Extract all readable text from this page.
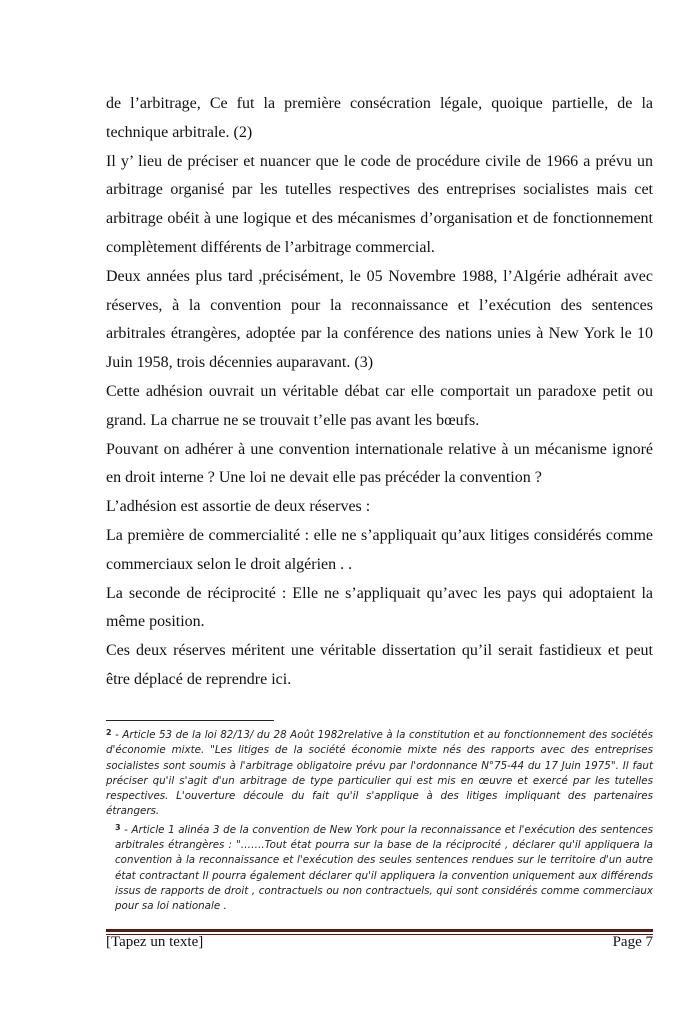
de l’arbitrage, Ce fut la première consécration légale, quoique partielle, de la technique arbitrale. (2)

Il y’ lieu de préciser et nuancer que le code de procédure civile de 1966 a prévu un arbitrage organisé par les tutelles respectives des entreprises socialistes mais cet arbitrage obéit à une logique et des mécanismes d’organisation et de fonctionnement complètement différents de l’arbitrage commercial.

Deux années plus tard ,précisément, le 05 Novembre 1988, l’Algérie adhérait avec réserves, à la convention pour la reconnaissance et l’exécution des sentences arbitrales étrangères, adoptée par la conférence des nations unies à New York le 10 Juin 1958, trois décennies auparavant. (3)

Cette adhésion ouvrait un véritable débat car elle comportait un paradoxe petit ou grand. La charrue ne se trouvait t’elle pas avant les bœufs.

Pouvant on adhérer à une convention internationale relative à un mécanisme ignoré en droit interne ? Une loi ne devait elle pas précéder la convention ?

L’adhésion est assortie de deux réserves :

La première de commercialité : elle ne s’appliquait qu’aux litiges considérés comme commerciaux selon le droit algérien . .

La seconde de réciprocité : Elle ne s’appliquait qu’avec les pays qui adoptaient la même position.

Ces deux réserves méritent une véritable dissertation qu’il serait fastidieux et peut être déplacé de reprendre ici.

$^2$ - Article 53 de la loi 82/13/ du 28 Août 1982relative à la constitution et au fonctionnement des sociétés d'économie mixte. "Les litiges de la société économie mixte nés des rapports avec des entreprises socialistes sont soumis à l'arbitrage obligatoire prévu par l'ordonnance N°75-44 du 17 Juin 1975". Il faut préciser qu'il s'agit d'un arbitrage de type particulier qui est mis en œuvre et exercé par les tutelles respectives. L'ouverture découle du fait qu'il s'applique à des litiges impliquant des partenaires étrangers.

$^3$ - Article 1 alinéa 3 de la convention de New York pour la reconnaissance et l'exécution des sentences arbitrales étrangères : "…….Tout état pourra sur la base de la réciprocité , déclarer qu'il appliquera la convention à la reconnaissance et l'exécution des seules sentences rendues sur le territoire d'un autre état contractant Il pourra également déclarer qu'il appliquera la convention uniquement aux différends issus de rapports de droit , contractuels ou non contractuels, qui sont considérés comme commerciaux pour sa loi nationale .

[Tapez un texte]	Page 7
